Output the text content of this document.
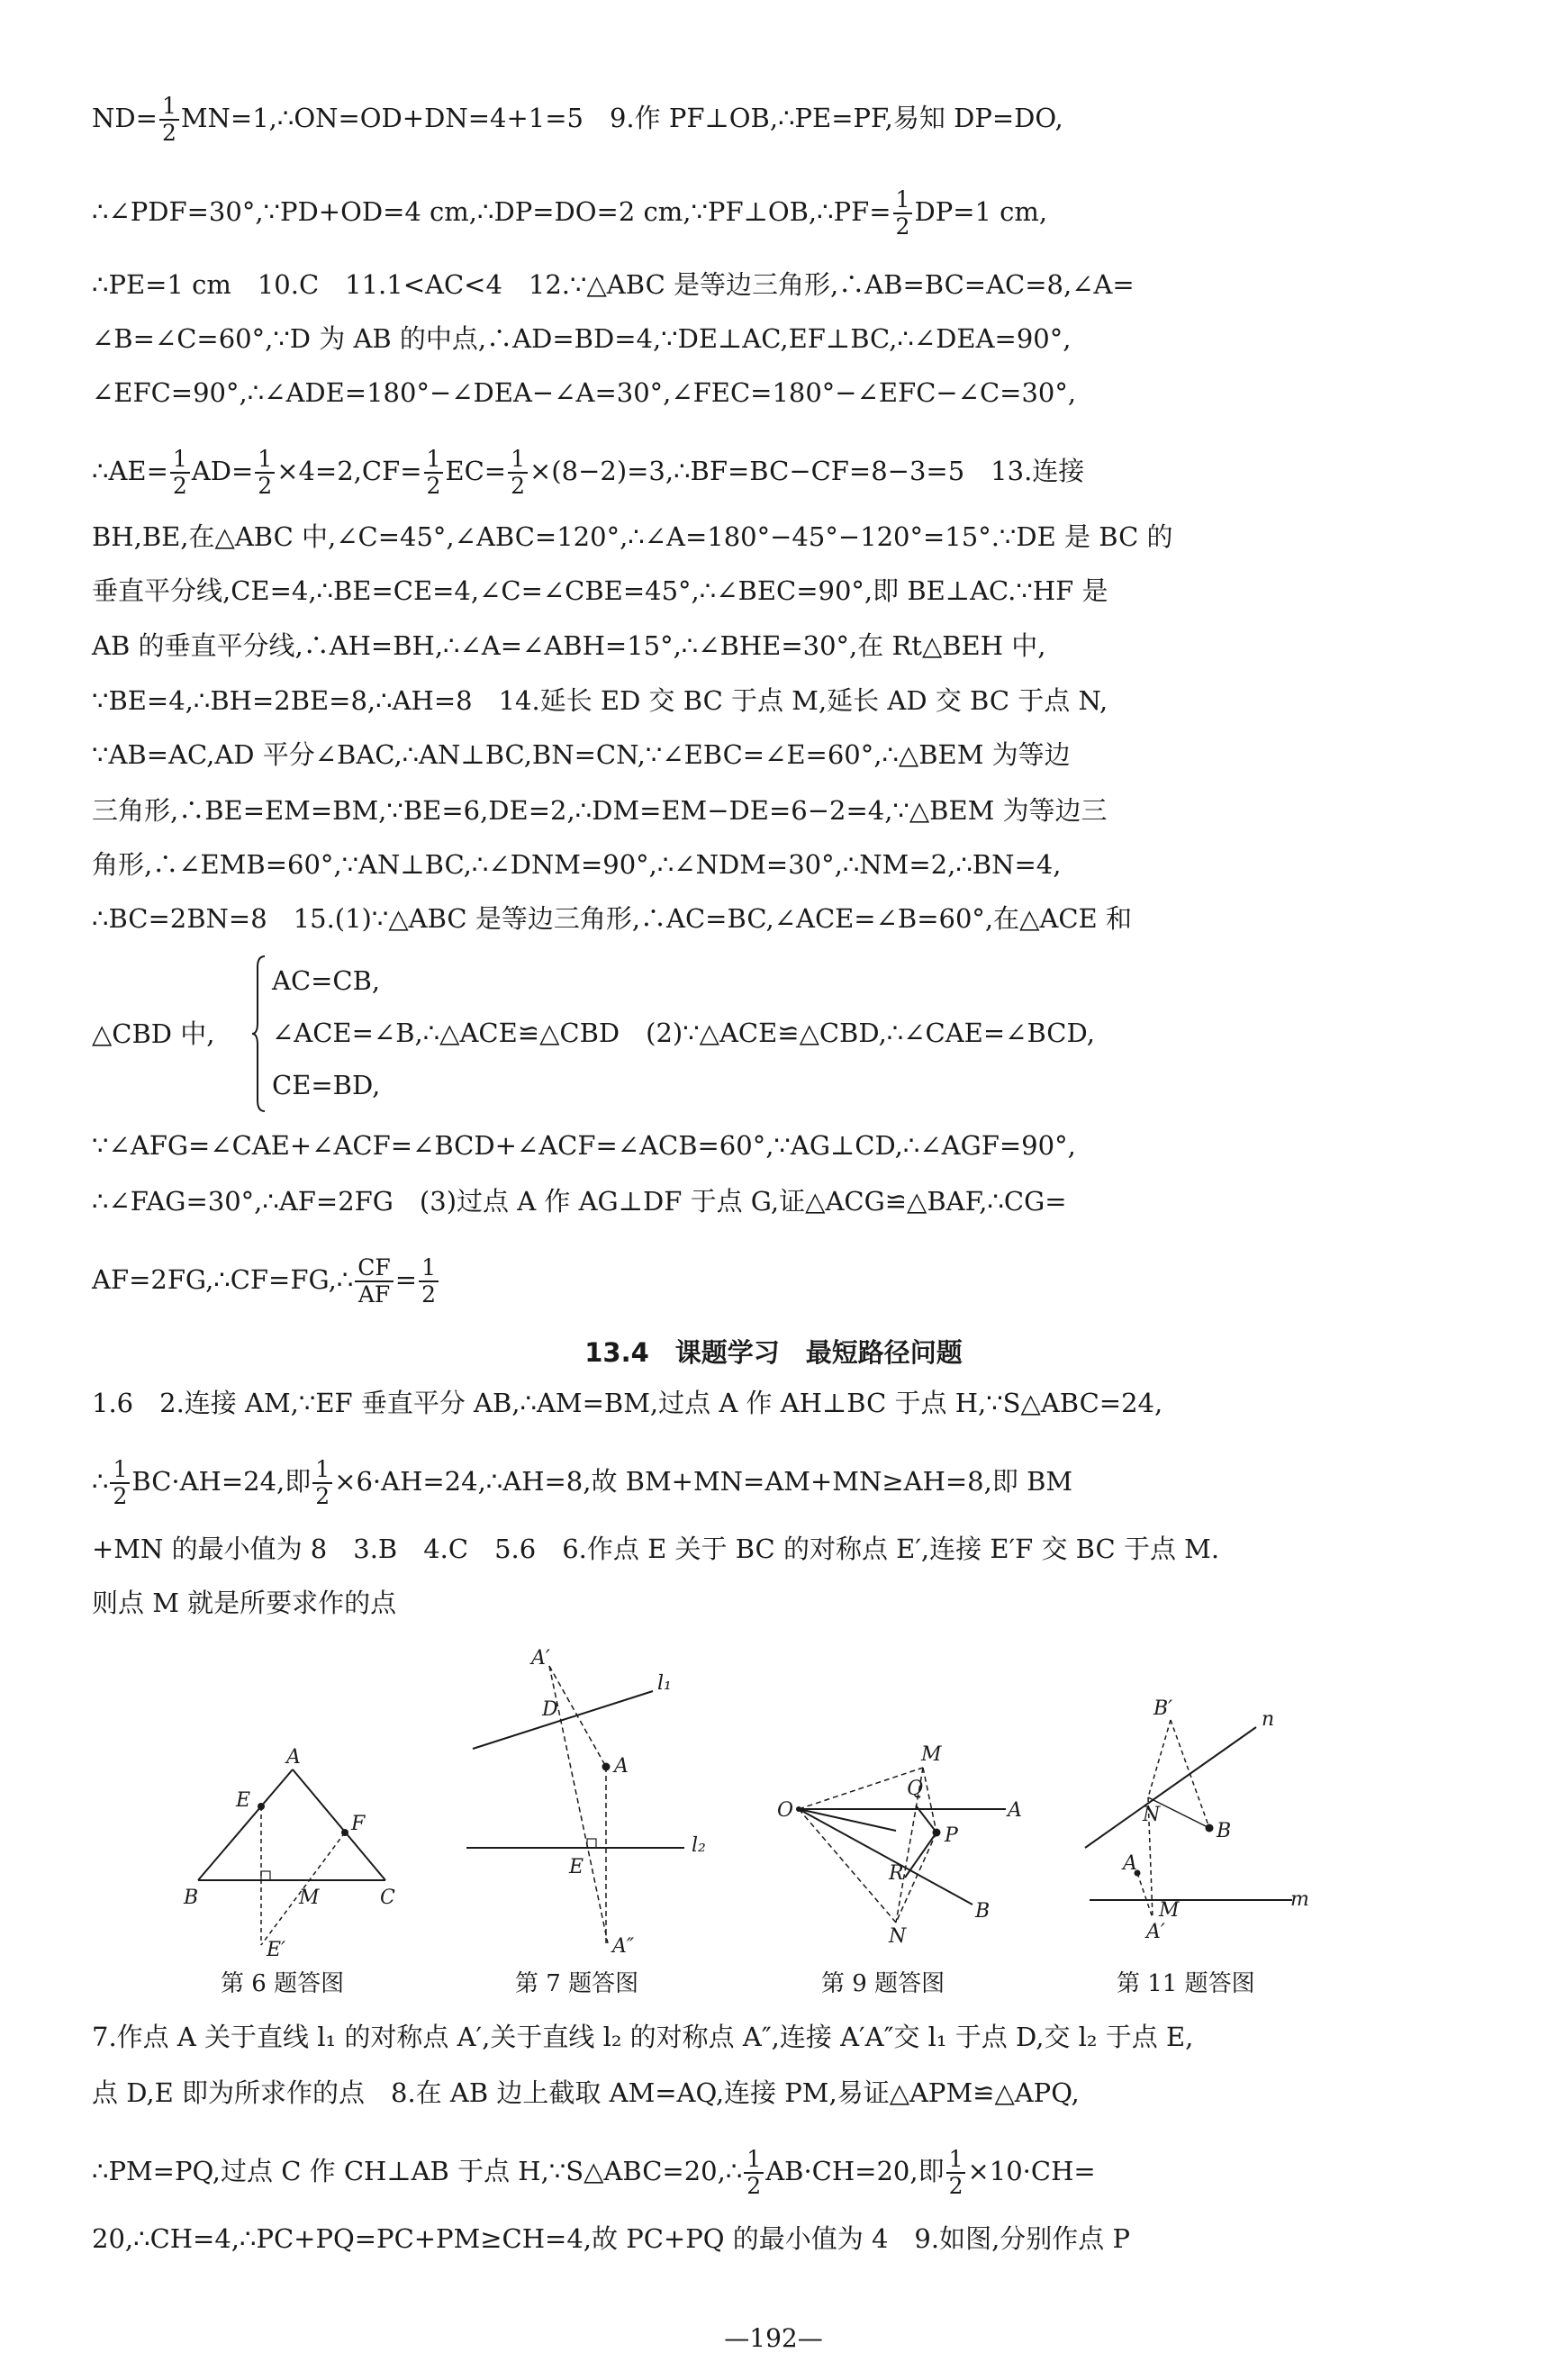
$ND= \frac{1}{2}$ MN=1,∴ON=OD+DN=4+1=5　9.作 PF⊥OB,∴PE=PF,易知 DP=DO,
∴∠PDF=30°,∵PD+OD=4 cm,∴DP=DO=2 cm,∵PF⊥OB,∴PF= $\frac{1}{2} DP=1$ cm,
∴PE=1 cm　10.C　11.1<AC<4　12.∵△ABC 是等边三角形,∴AB=BC=AC=8,∠A=
∠B=∠C=60°,∵D 为 AB 的中点,∴AD=BD=4,∵DE⊥AC,EF⊥BC,∴∠DEA=90°,
∠EFC=90°,∴∠ADE=180°−∠DEA−∠A=30°,∠FEC=180°−∠EFC−∠C=30°,
∴AE= $\frac{1}{2} AD= \frac{1}{2} \times 4=2,CF= \frac{1}{2} EC= \frac{1}{2}$ ×(8−2)=3,∴BF=BC−CF=8−3=5　13.连接
BH,BE,在△ABC 中,∠C=45°,∠ABC=120°,∴∠A=180°−45°−120°=15°.∵DE 是 BC 的
垂直平分线,CE=4,∴BE=CE=4,∠C=∠CBE=45°,∴∠BEC=90°,即 BE⊥AC.∵HF 是
AB 的垂直平分线,∴AH=BH,∴∠A=∠ABH=15°,∴∠BHE=30°,在 Rt△BEH 中,
∵BE=4,∴BH=2BE=8,∴AH=8　14.延长 ED 交 BC 于点 M,延长 AD 交 BC 于点 N,
∵AB=AC,AD 平分∠BAC,∴AN⊥BC,BN=CN,∵∠EBC=∠E=60°,∴△BEM 为等边
三角形,∴BE=EM=BM,∵BE=6,DE=2,∴DM=EM−DE=6−2=4,∵△BEM 为等边三
角形,∴∠EMB=60°,∵AN⊥BC,∴∠DNM=90°,∴∠NDM=30°,∴NM=2,∴BN=4,
∴BC=2BN=8　15.(1)∵△ABC 是等边三角形,∴AC=BC,∠ACE=∠B=60°,在△ACE 和
△CBD 中,
AC=CB,
∠ACE=∠B,∴△ACE≌△CBD　(2)∵△ACE≌△CBD,∴∠CAE=∠BCD,
CE=BD,
∵∠AFG=∠CAE+∠ACF=∠BCD+∠ACF=∠ACB=60°,∵AG⊥CD,∴∠AGF=90°,
∴∠FAG=30°,∴AF=2FG　(3)过点 A 作 AG⊥DF 于点 G,证△ACG≌△BAF,∴CG=
AF=2FG,∴CF=FG,∴ $\frac{CF}{AF} = \frac{1}{2}$
13.4　课题学习　最短路径问题
1.6　2.连接 AM,∵EF 垂直平分 AB,∴AM=BM,过点 A 作 AH⊥BC 于点 H,∵S△ABC=24,
∴ $\frac{1}{2} BC\cdot AH=24$,即 $\frac{1}{2}$ ×6·AH=24,∴AH=8,故 BM+MN=AM+MN≥AH=8,即 BM
+MN 的最小值为 8　3.B　4.C　5.6　6.作点 E 关于 BC 的对称点 E′,连接 E′F 交 BC 于点 M.
则点 M 就是所要求作的点
A
E
F
B	M	C
E′
第 6 题答图
A′
D
l₁
A
E
l₂
A″
第 7 题答图
O
M
Q
A
P
R
B
N
第 9 题答图
B′	n
N
B
A
M	m
A′
第 11 题答图
7.作点 A 关于直线 l₁ 的对称点 A′,关于直线 l₂ 的对称点 A″,连接 A′A″交 l₁ 于点 D,交 l₂ 于点 E,
点 D,E 即为所求作的点　8.在 AB 边上截取 AM=AQ,连接 PM,易证△APM≌△APQ,
∴PM=PQ,过点 C 作 CH⊥AB 于点 H,∵S△ABC=20,∴ $\frac{1}{2} AB\cdot CH=20$,即 $\frac{1}{2} \times 10\cdot CH=$
20,∴CH=4,∴PC+PQ=PC+PM≥CH=4,故 PC+PQ 的最小值为 4　9.如图,分别作点 P
—192—
